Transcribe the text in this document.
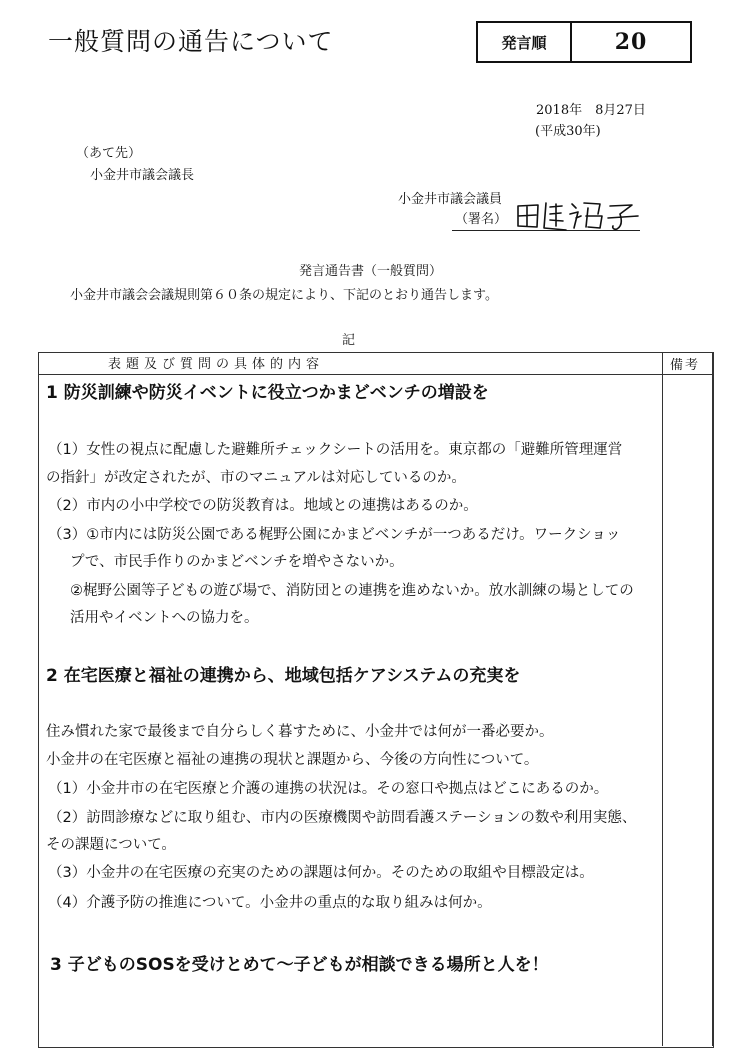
一般質問の通告について	発言順	20
2018年　8月27日
(平成30年)
（あて先）
小金井市議会議長
小金井市議会議員
（署名）
発言通告書（一般質問）
小金井市議会会議規則第６０条の規定により、下記のとおり通告します。
記
表題及び質問の具体的内容	備考
1 防災訓練や防災イベントに役立つかまどベンチの増設を
（1）女性の視点に配慮した避難所チェックシートの活用を。東京都の「避難所管理運営
の指針」が改定されたが、市のマニュアルは対応しているのか。
（2）市内の小中学校での防災教育は。地域との連携はあるのか。
（3）①市内には防災公園である梶野公園にかまどベンチが一つあるだけ。ワークショッ
プで、市民手作りのかまどベンチを増やさないか。
②梶野公園等子どもの遊び場で、消防団との連携を進めないか。放水訓練の場としての
活用やイベントへの協力を。
2 在宅医療と福祉の連携から、地域包括ケアシステムの充実を
住み慣れた家で最後まで自分らしく暮すために、小金井では何が一番必要か。
小金井の在宅医療と福祉の連携の現状と課題から、今後の方向性について。
（1）小金井市の在宅医療と介護の連携の状況は。その窓口や拠点はどこにあるのか。
（2）訪問診療などに取り組む、市内の医療機関や訪問看護ステーションの数や利用実態、
その課題について。
（3）小金井の在宅医療の充実のための課題は何か。そのための取組や目標設定は。
（4）介護予防の推進について。小金井の重点的な取り組みは何か。
3 子どものSOSを受けとめて〜子どもが相談できる場所と人を！
